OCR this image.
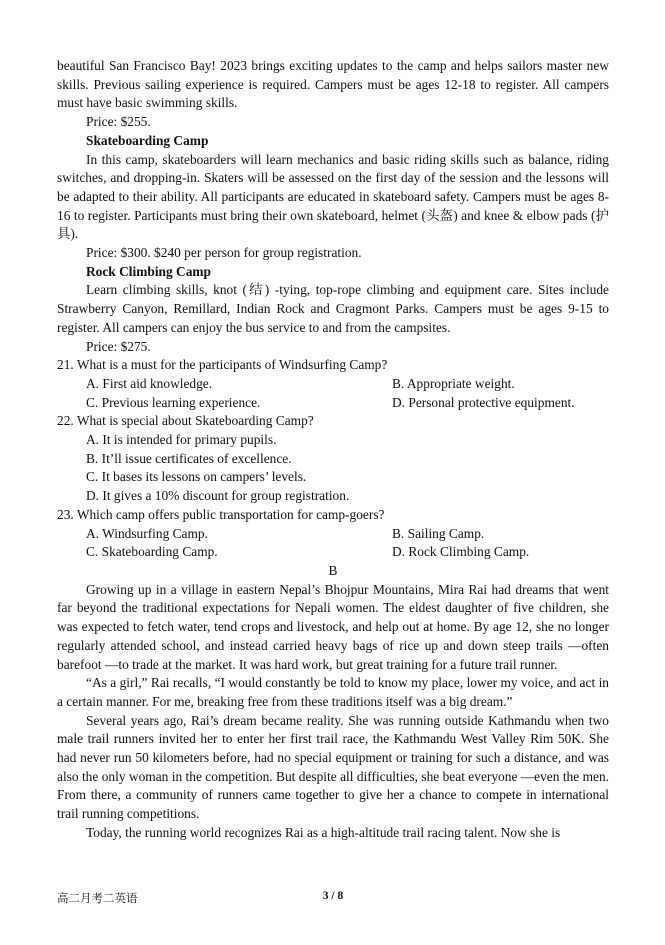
beautiful San Francisco Bay! 2023 brings exciting updates to the camp and helps sailors master new skills. Previous sailing experience is required. Campers must be ages 12-18 to register. All campers must have basic swimming skills.

Price: $255.

Skateboarding Camp

In this camp, skateboarders will learn mechanics and basic riding skills such as balance, riding switches, and dropping-in. Skaters will be assessed on the first day of the session and the lessons will be adapted to their ability. All participants are educated in skateboard safety. Campers must be ages 8-16 to register. Participants must bring their own skateboard, helmet (头盔) and knee & elbow pads (护具).

Price: $300. $240 per person for group registration.

Rock Climbing Camp

Learn climbing skills, knot (结) -tying, top-rope climbing and equipment care. Sites include Strawberry Canyon, Remillard, Indian Rock and Cragmont Parks. Campers must be ages 9-15 to register. All campers can enjoy the bus service to and from the campsites.

Price: $275.

21. What is a must for the participants of Windsurfing Camp?

A. First aid knowledge.	B. Appropriate weight.
C. Previous learning experience.	D. Personal protective equipment.

22. What is special about Skateboarding Camp?

A. It is intended for primary pupils.
B. It’ll issue certificates of excellence.
C. It bases its lessons on campers’ levels.
D. It gives a 10% discount for group registration.

23. Which camp offers public transportation for camp-goers?

A. Windsurfing Camp.	B. Sailing Camp.
C. Skateboarding Camp.	D. Rock Climbing Camp.
B

Growing up in a village in eastern Nepal’s Bhojpur Mountains, Mira Rai had dreams that went far beyond the traditional expectations for Nepali women. The eldest daughter of five children, she was expected to fetch water, tend crops and livestock, and help out at home. By age 12, she no longer regularly attended school, and instead carried heavy bags of rice up and down steep trails —often barefoot —to trade at the market. It was hard work, but great training for a future trail runner.

“As a girl,” Rai recalls, “I would constantly be told to know my place, lower my voice, and act in a certain manner. For me, breaking free from these traditions itself was a big dream.”

Several years ago, Rai’s dream became reality. She was running outside Kathmandu when two male trail runners invited her to enter her first trail race, the Kathmandu West Valley Rim 50K. She had never run 50 kilometers before, had no special equipment or training for such a distance, and was also the only woman in the competition. But despite all difficulties, she beat everyone —even the men. From there, a community of runners came together to give her a chance to compete in international trail running competitions.

Today, the running world recognizes Rai as a high-altitude trail racing talent. Now she is

高二月考二英语	3 / 8
